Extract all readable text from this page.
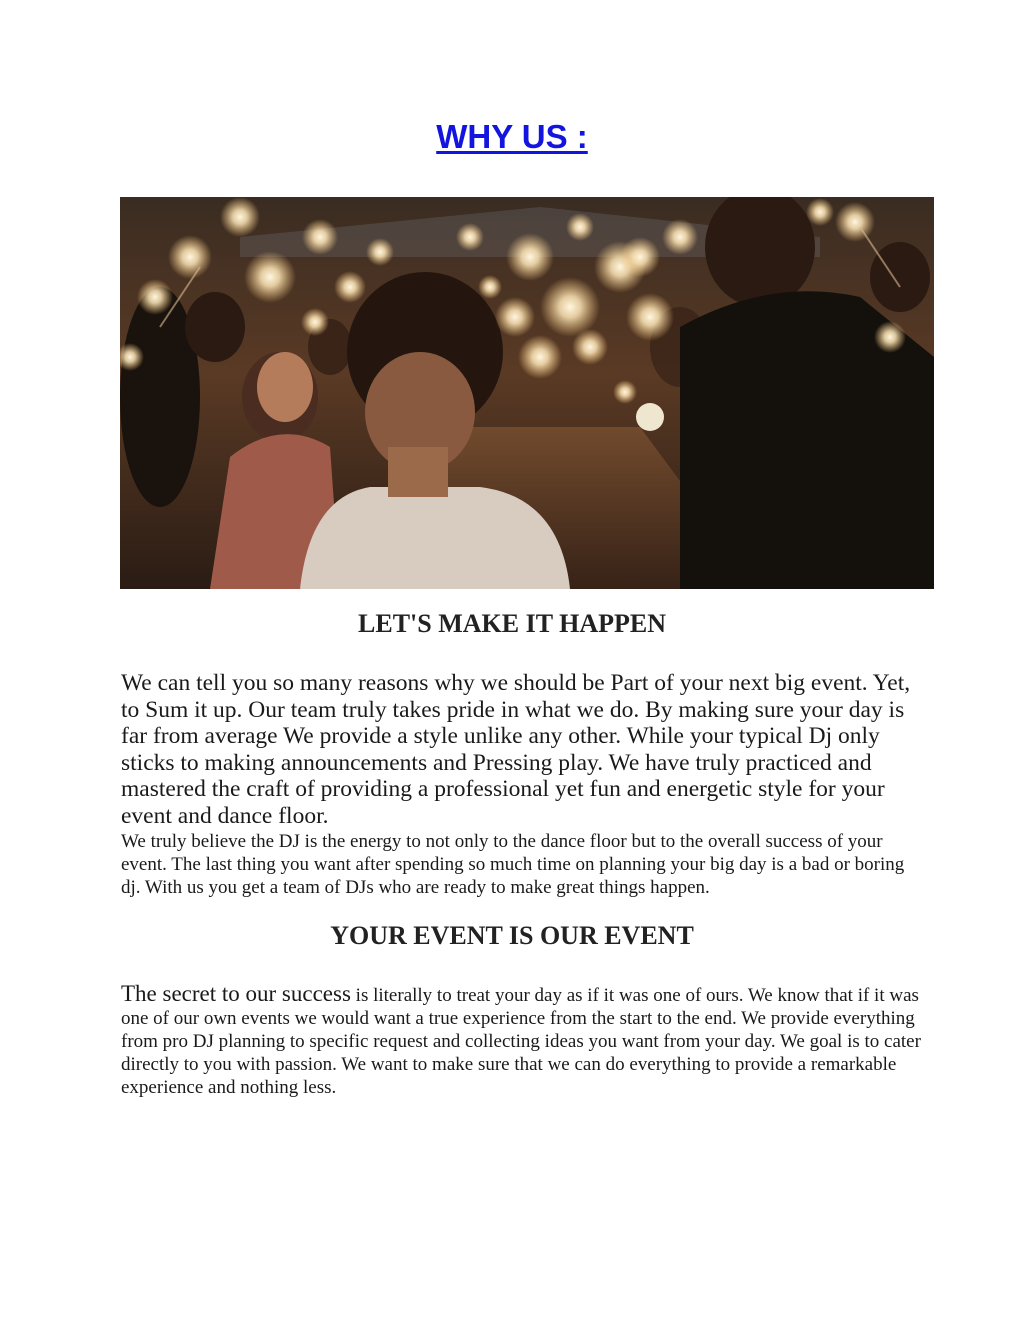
WHY US :
LET'S MAKE IT HAPPEN

We can tell you so many reasons why we should be Part of your next big event. Yet, to Sum it up. Our team truly takes pride in what we do. By making sure your day is far from average We provide a style unlike any other. While your typical Dj only sticks to making announcements and Pressing play. We have truly practiced and mastered the craft of providing a professional yet fun and energetic style for your event and dance floor.

We truly believe the DJ is the energy to not only to the dance floor but to the overall success of your event. The last thing you want after spending so much time on planning your big day is a bad or boring dj. With us you get a team of DJs who are ready to make great things happen.

YOUR EVENT IS OUR EVENT

The secret to our success is literally to treat your day as if it was one of ours. We know that if it was one of our own events we would want a true experience from the start to the end. We provide everything from pro DJ planning to specific request and collecting ideas you want from your day. We goal is to cater directly to you with passion. We want to make sure that we can do everything to provide a remarkable experience and nothing less.
